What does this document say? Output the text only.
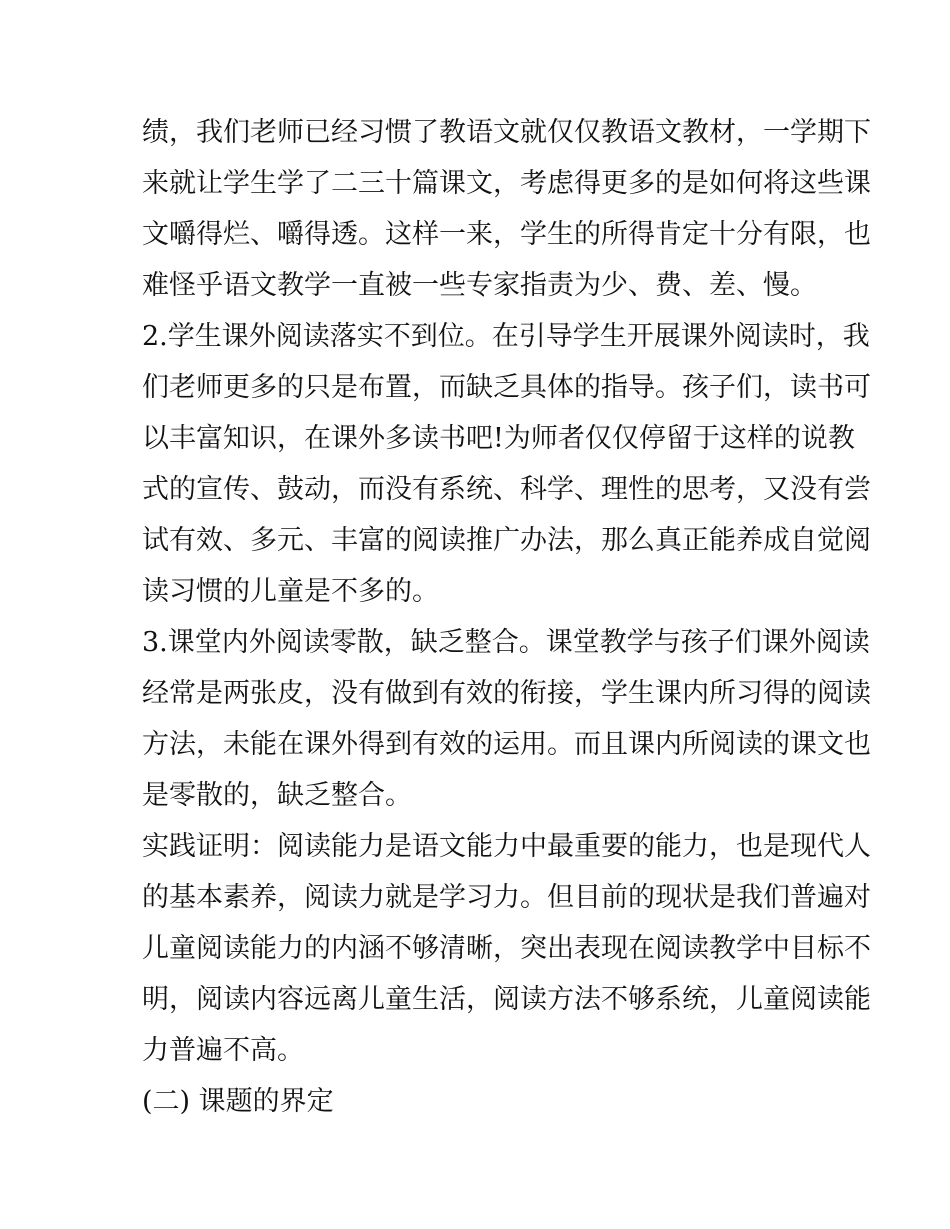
绩，我们老师已经习惯了教语文就仅仅教语文教材，一学期下
来就让学生学了二三十篇课文，考虑得更多的是如何将这些课
文嚼得烂、嚼得透。这样一来，学生的所得肯定十分有限，也
难怪乎语文教学一直被一些专家指责为少、费、差、慢。
2.学生课外阅读落实不到位。在引导学生开展课外阅读时，我
们老师更多的只是布置，而缺乏具体的指导。孩子们，读书可
以丰富知识，在课外多读书吧!为师者仅仅停留于这样的说教
式的宣传、鼓动，而没有系统、科学、理性的思考，又没有尝
试有效、多元、丰富的阅读推广办法，那么真正能养成自觉阅
读习惯的儿童是不多的。
3.课堂内外阅读零散，缺乏整合。课堂教学与孩子们课外阅读
经常是两张皮，没有做到有效的衔接，学生课内所习得的阅读
方法，未能在课外得到有效的运用。而且课内所阅读的课文也
是零散的，缺乏整合。
实践证明：阅读能力是语文能力中最重要的能力，也是现代人
的基本素养，阅读力就是学习力。但目前的现状是我们普遍对
儿童阅读能力的内涵不够清晰，突出表现在阅读教学中目标不
明，阅读内容远离儿童生活，阅读方法不够系统，儿童阅读能
力普遍不高。
(二) 课题的界定
